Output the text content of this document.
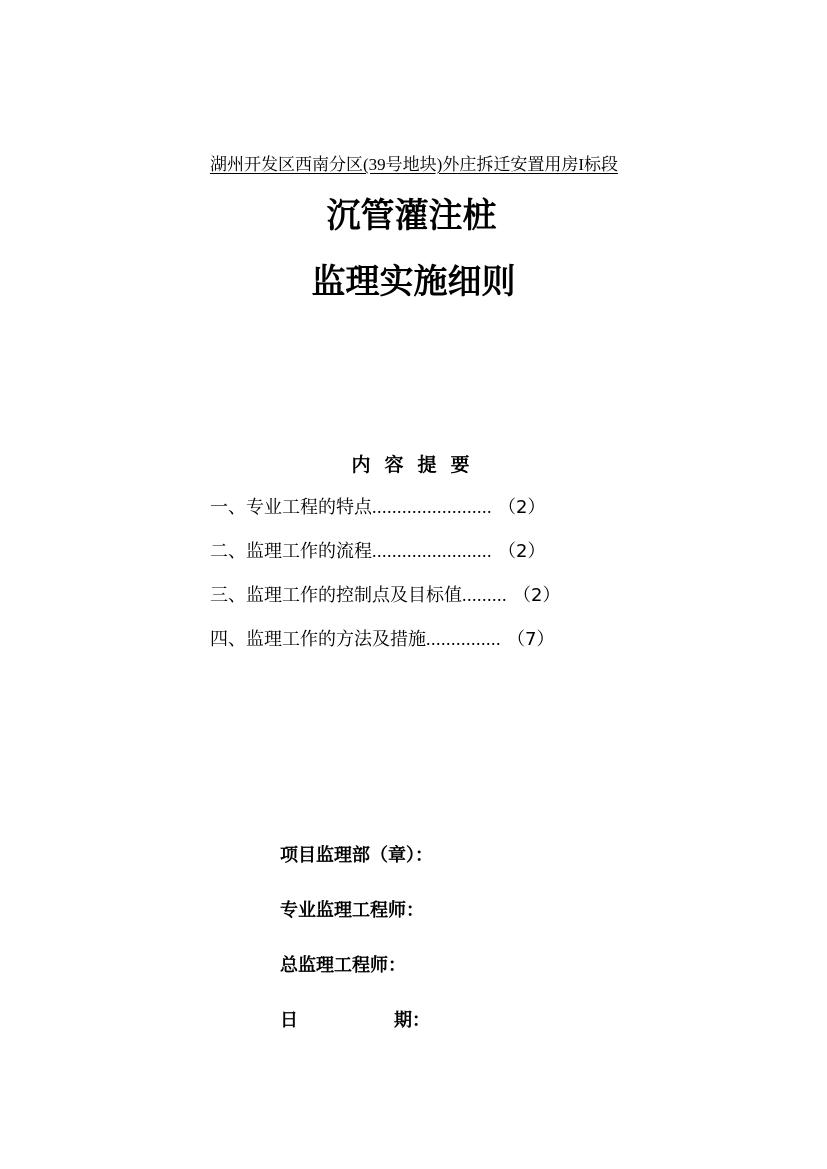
湖州开发区西南分区(39号地块)外庄拆迁安置用房I标段
沉管灌注桩
监理实施细则
内容提要
一、专业工程的特点 ........................ （2）
二、监理工作的流程 ........................ （2）
三、监理工作的控制点及目标值 ......... （2）
四、监理工作的方法及措施 ............... （7）
项目监理部（章）：
专业监理工程师：
总监理工程师：
日	期：
